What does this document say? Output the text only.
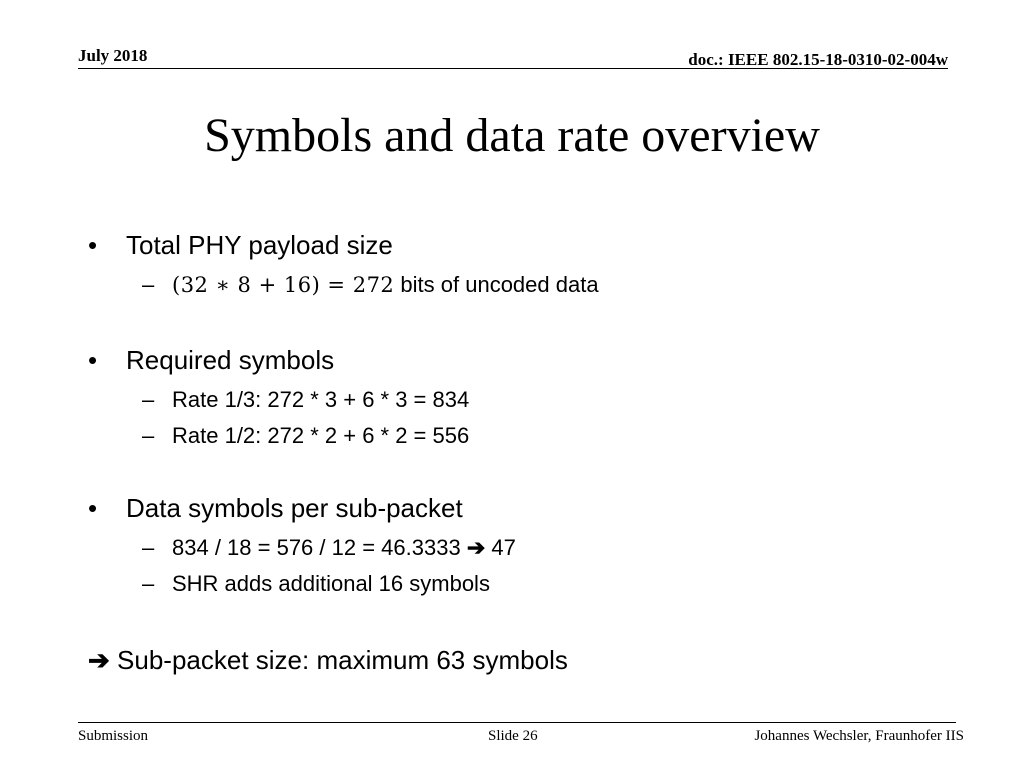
July 2018	doc.: IEEE 802.15-18-0310-02-004w
Symbols and data rate overview
• Total PHY payload size
– (32 ∗ 8 + 16) = 272 bits of uncoded data
• Required symbols
– Rate 1/3: 272 * 3 + 6 * 3 = 834
– Rate 1/2: 272 * 2 + 6 * 2 = 556
• Data symbols per sub-packet
– 834 / 18 = 576 / 12 = 46.3333 ➔ 47
– SHR adds additional 16 symbols
➔ Sub-packet size: maximum 63 symbols
Submission	Slide 26	Johannes Wechsler, Fraunhofer IIS
